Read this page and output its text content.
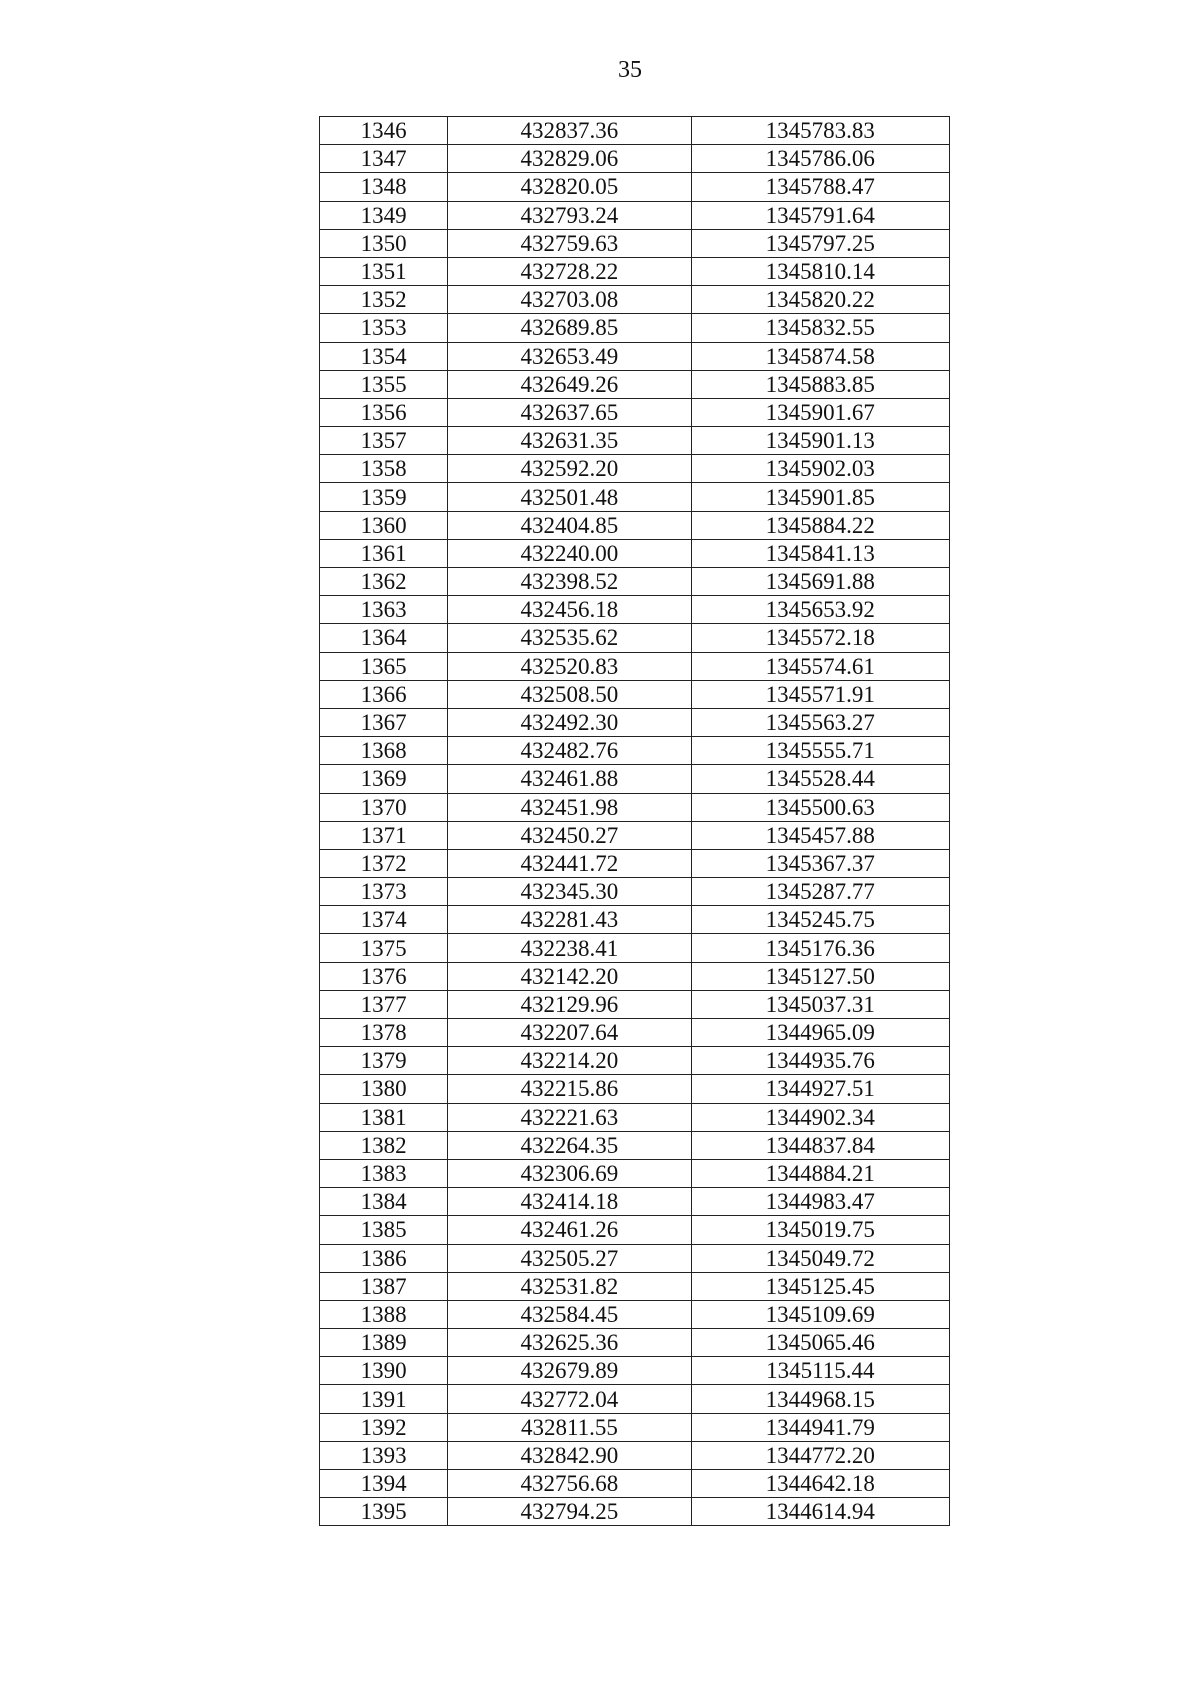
35
1346	432837.36	1345783.83
1347	432829.06	1345786.06
1348	432820.05	1345788.47
1349	432793.24	1345791.64
1350	432759.63	1345797.25
1351	432728.22	1345810.14
1352	432703.08	1345820.22
1353	432689.85	1345832.55
1354	432653.49	1345874.58
1355	432649.26	1345883.85
1356	432637.65	1345901.67
1357	432631.35	1345901.13
1358	432592.20	1345902.03
1359	432501.48	1345901.85
1360	432404.85	1345884.22
1361	432240.00	1345841.13
1362	432398.52	1345691.88
1363	432456.18	1345653.92
1364	432535.62	1345572.18
1365	432520.83	1345574.61
1366	432508.50	1345571.91
1367	432492.30	1345563.27
1368	432482.76	1345555.71
1369	432461.88	1345528.44
1370	432451.98	1345500.63
1371	432450.27	1345457.88
1372	432441.72	1345367.37
1373	432345.30	1345287.77
1374	432281.43	1345245.75
1375	432238.41	1345176.36
1376	432142.20	1345127.50
1377	432129.96	1345037.31
1378	432207.64	1344965.09
1379	432214.20	1344935.76
1380	432215.86	1344927.51
1381	432221.63	1344902.34
1382	432264.35	1344837.84
1383	432306.69	1344884.21
1384	432414.18	1344983.47
1385	432461.26	1345019.75
1386	432505.27	1345049.72
1387	432531.82	1345125.45
1388	432584.45	1345109.69
1389	432625.36	1345065.46
1390	432679.89	1345115.44
1391	432772.04	1344968.15
1392	432811.55	1344941.79
1393	432842.90	1344772.20
1394	432756.68	1344642.18
1395	432794.25	1344614.94
